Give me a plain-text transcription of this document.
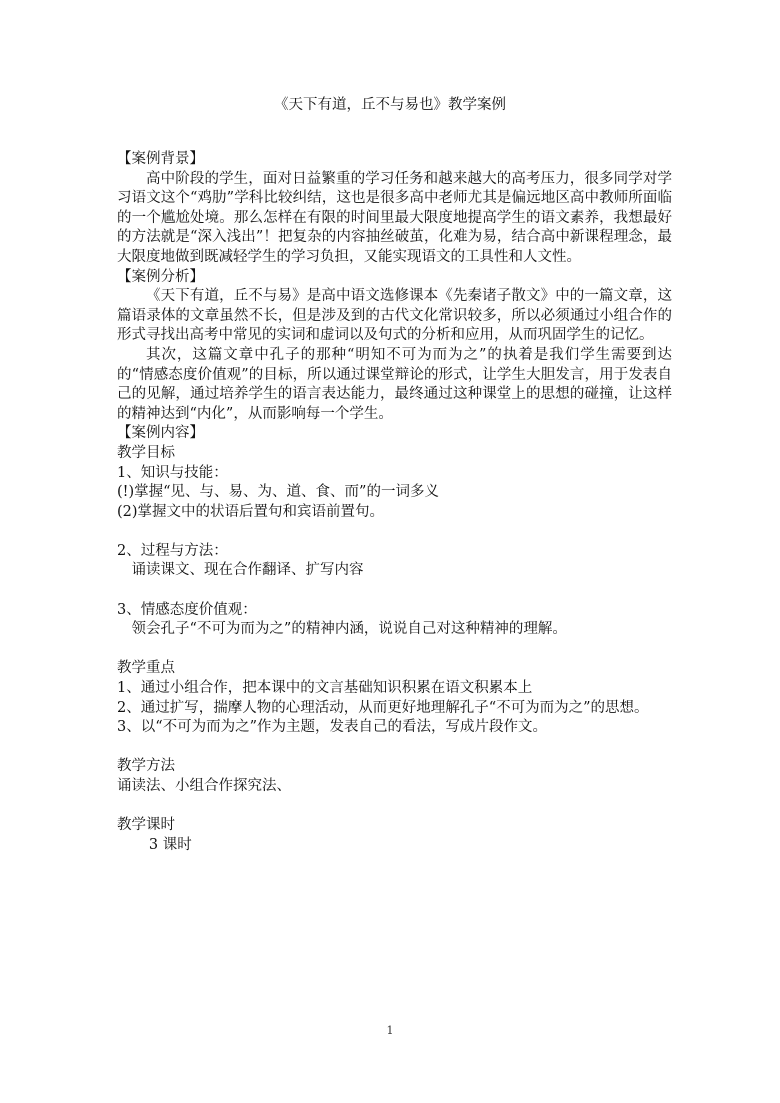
《天下有道，丘不与易也》教学案例

【案例背景】

高中阶段的学生，面对日益繁重的学习任务和越来越大的高考压力，很多同学对学习语文这个“鸡肋”学科比较纠结，这也是很多高中老师尤其是偏远地区高中教师所面临的一个尴尬处境。那么怎样在有限的时间里最大限度地提高学生的语文素养，我想最好的方法就是“深入浅出”！把复杂的内容抽丝破茧，化难为易，结合高中新课程理念，最大限度地做到既减轻学生的学习负担，又能实现语文的工具性和人文性。

【案例分析】

《天下有道，丘不与易》是高中语文选修课本《先秦诸子散文》中的一篇文章，这篇语录体的文章虽然不长，但是涉及到的古代文化常识较多，所以必须通过小组合作的形式寻找出高考中常见的实词和虚词以及句式的分析和应用，从而巩固学生的记忆。

其次，这篇文章中孔子的那种“明知不可为而为之”的执着是我们学生需要到达的“情感态度价值观”的目标，所以通过课堂辩论的形式，让学生大胆发言，用于发表自己的见解，通过培养学生的语言表达能力，最终通过这种课堂上的思想的碰撞，让这样的精神达到“内化”，从而影响每一个学生。

【案例内容】

教学目标

1、知识与技能：

(!)掌握“见、与、易、为、道、食、而”的一词多义

(2)掌握文中的状语后置句和宾语前置句。

2、过程与方法：

诵读课文、现在合作翻译、扩写内容

3、情感态度价值观：

领会孔子“不可为而为之”的精神内涵，说说自己对这种精神的理解。

教学重点

1、通过小组合作，把本课中的文言基础知识积累在语文积累本上

2、通过扩写，揣摩人物的心理活动，从而更好地理解孔子“不可为而为之”的思想。

3、以“不可为而为之”作为主题，发表自己的看法，写成片段作文。

教学方法

诵读法、小组合作探究法、

教学课时

3 课时

1
